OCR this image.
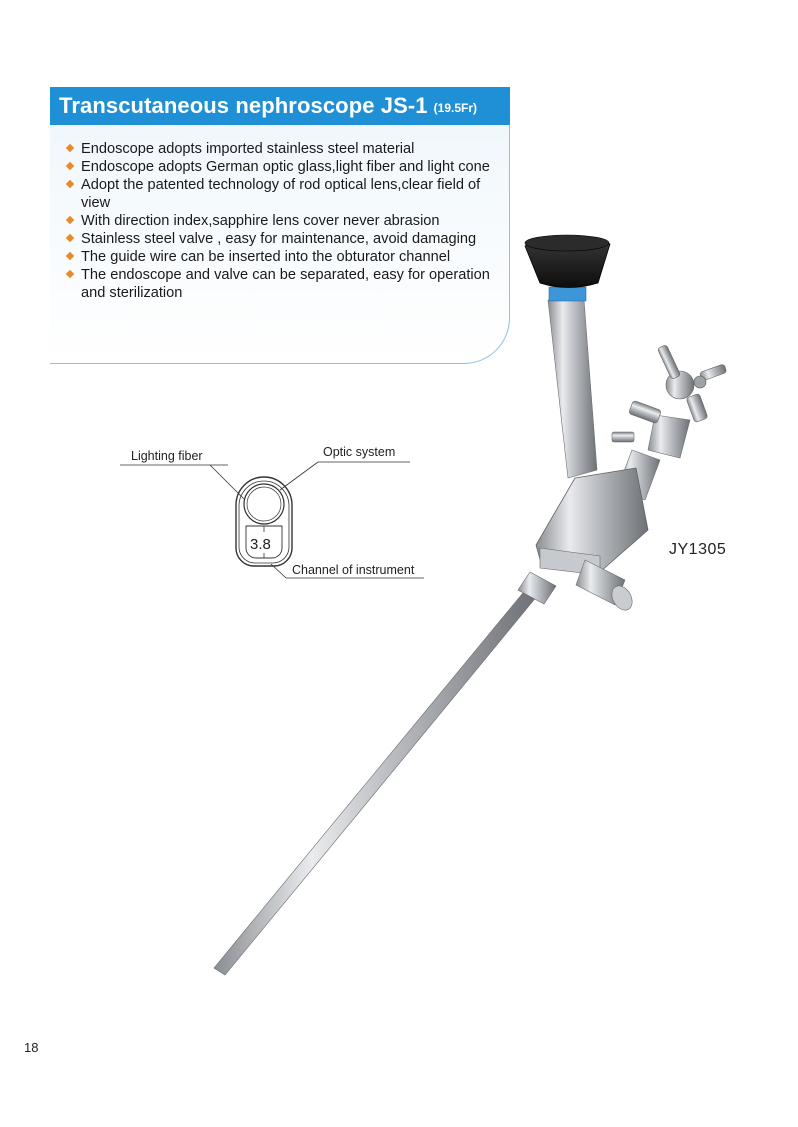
Transcutaneous nephroscope JS-1 (19.5Fr)
Endoscope adopts imported stainless steel material
Endoscope adopts German optic glass,light fiber and light cone
Adopt the patented technology of rod optical lens,clear field of view
With direction index,sapphire lens cover never abrasion
Stainless steel valve , easy for maintenance, avoid damaging
The guide wire can be inserted into the obturator channel
The endoscope and valve can be separated, easy for operation and sterilization
Lighting fiber	Optic system
Channel of instrument
3.8	JY1305
18
